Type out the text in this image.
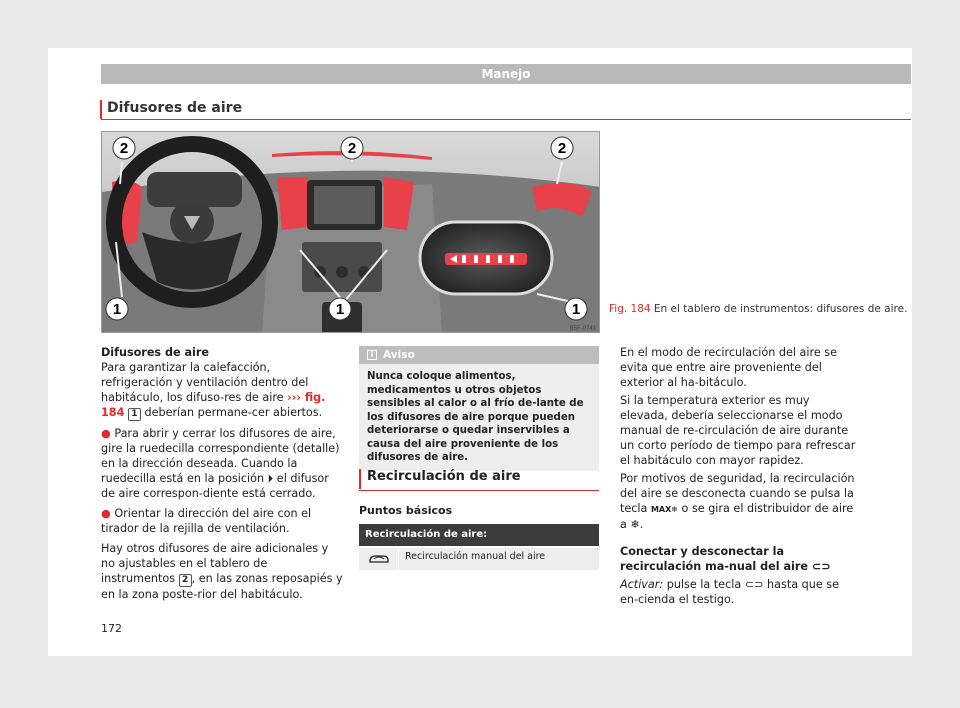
Manejo
Difusores de aire
2	2	2
1	1	1
B5F-0741
Fig. 184 En el tablero de instrumentos: difusores de aire.
Difusores de aire

Para garantizar la calefacción, refrigeración y ventilación dentro del habitáculo, los difuso-res de aire ››› fig. 184 1 deberían permane-cer abiertos.

● Para abrir y cerrar los difusores de aire, gire la ruedecilla correspondiente (detalle) en la dirección deseada. Cuando la ruedecilla está en la posición ⏵ el difusor de aire correspon-diente está cerrado.

● Orientar la dirección del aire con el tirador de la rejilla de ventilación.

Hay otros difusores de aire adicionales y no ajustables en el tablero de instrumentos 2 , en las zonas reposapiés y en la zona poste-rior del habitáculo.

i Aviso
Nunca coloque alimentos, medicamentos u otros objetos sensibles al calor o al frío de-lante de los difusores de aire porque pueden deteriorarse o quedar inservibles a causa del aire proveniente de los difusores de aire.
Recirculación de aire
Puntos básicos
Recirculación de aire:
Recirculación manual del aire

En el modo de recirculación del aire se evita que entre aire proveniente del exterior al ha-bitáculo.

Si la temperatura exterior es muy elevada, debería seleccionarse el modo manual de re-circulación de aire durante un corto período de tiempo para refrescar el habitáculo con mayor rapidez.

Por motivos de seguridad, la recirculación del aire se desconecta cuando se pulsa la tecla MAX❄ o se gira el distribuidor de aire a ❄.

Conectar y desconectar la recirculación ma-nual del aire ⊂⊃

Activar: pulse la tecla ⊂⊃ hasta que se en-cienda el testigo.

172
